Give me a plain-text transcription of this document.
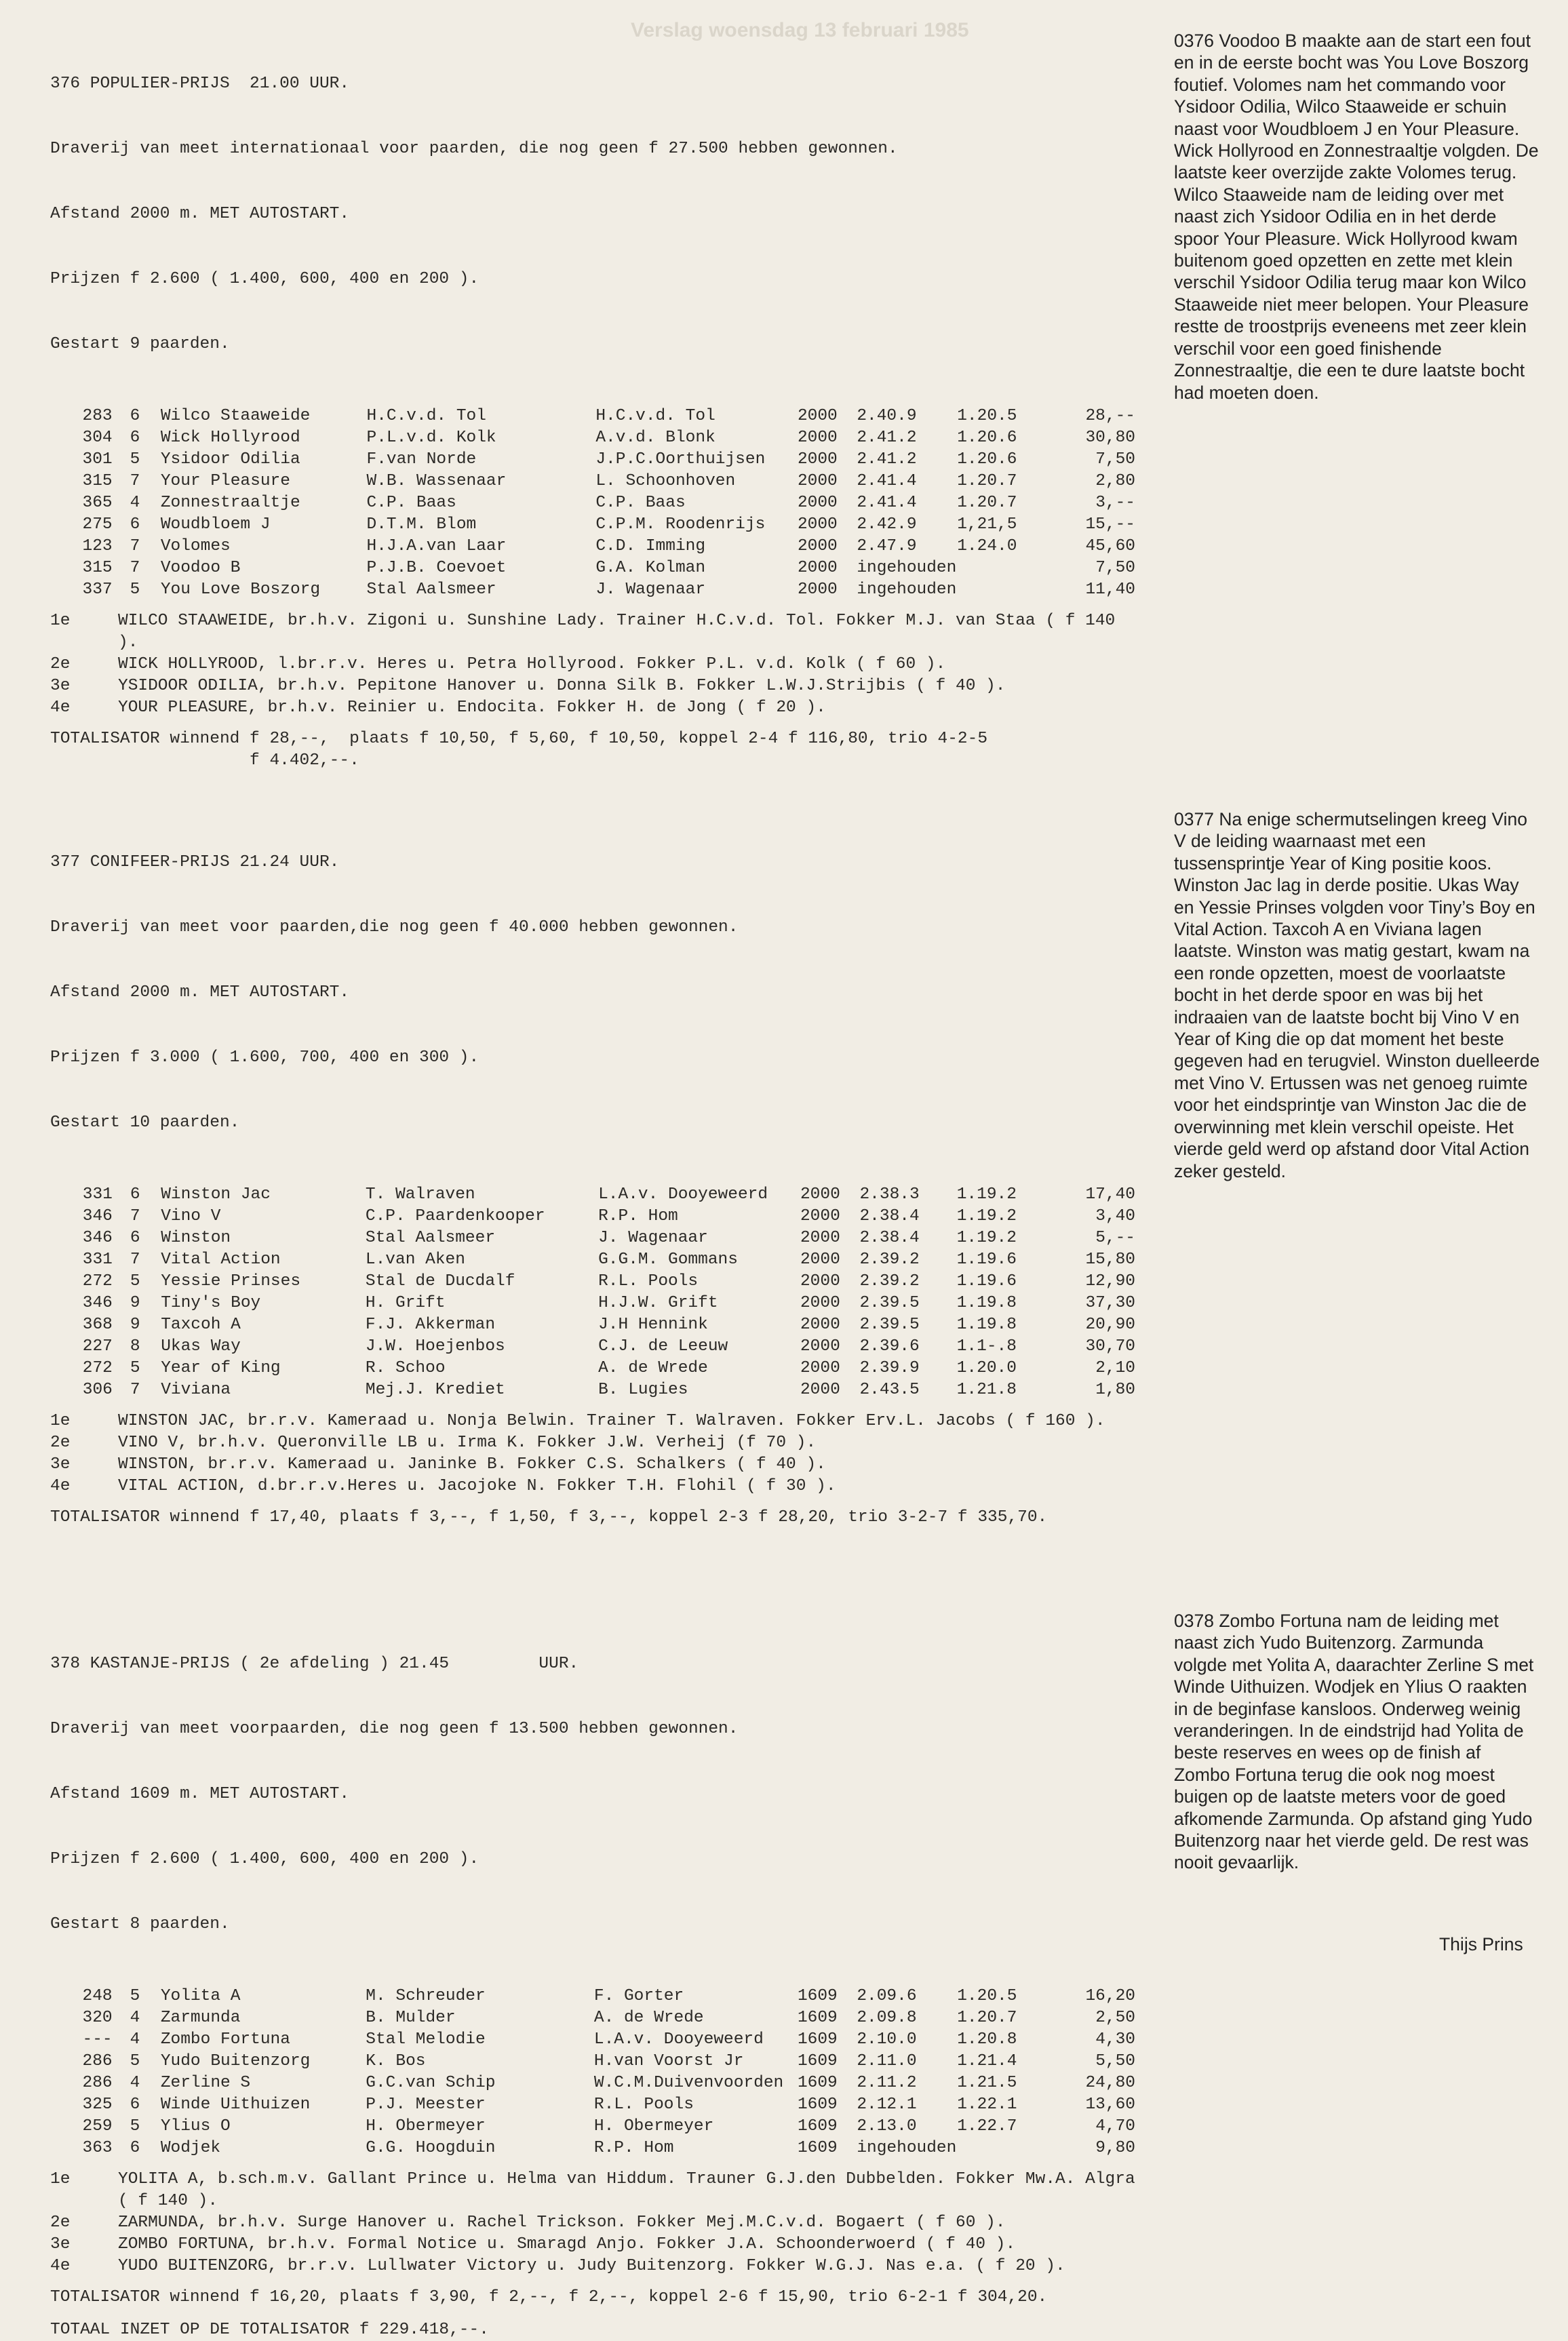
Verslag woensdag 13 februari 1985

376 POPULIER-PRIJS  21.00 UUR.

Draverij van meet internationaal voor paarden, die nog geen f 27.500 hebben gewonnen.

Afstand 2000 m. MET AUTOSTART.

Prijzen f 2.600 ( 1.400, 600, 400 en 200 ).

Gestart 9 paarden.

283	6	Wilco Staaweide	H.C.v.d. Tol	H.C.v.d. Tol	2000	2.40.9	1.20.5	28,--
304	6	Wick Hollyrood	P.L.v.d. Kolk	A.v.d. Blonk	2000	2.41.2	1.20.6	30,80
301	5	Ysidoor Odilia	F.van Norde	J.P.C.Oorthuijsen	2000	2.41.2	1.20.6	7,50
315	7	Your Pleasure	W.B. Wassenaar	L. Schoonhoven	2000	2.41.4	1.20.7	2,80
365	4	Zonnestraaltje	C.P. Baas	C.P. Baas	2000	2.41.4	1.20.7	3,--
275	6	Woudbloem J	D.T.M. Blom	C.P.M. Roodenrijs	2000	2.42.9	1,21,5	15,--
123	7	Volomes	H.J.A.van Laar	C.D. Imming	2000	2.47.9	1.24.0	45,60
315	7	Voodoo B	P.J.B. Coevoet	G.A. Kolman	2000	ingehouden		7,50
337	5	You Love Boszorg	Stal Aalsmeer	J. Wagenaar	2000	ingehouden		11,40
1e	WILCO STAAWEIDE, br.h.v. Zigoni u. Sunshine Lady. Trainer H.C.v.d. Tol. Fokker M.J. van Staa ( f 140 ).
2e	WICK HOLLYROOD, l.br.r.v. Heres u. Petra Hollyrood. Fokker P.L. v.d. Kolk ( f 60 ).
3e	YSIDOOR ODILIA, br.h.v. Pepitone Hanover u. Donna Silk B. Fokker L.W.J.Strijbis ( f 40 ).
4e	YOUR PLEASURE, br.h.v. Reinier u. Endocita. Fokker H. de Jong ( f 20 ).
TOTALISATOR winnend f 28,--,  plaats f 10,50, f 5,60, f 10,50, koppel 2-4 f 116,80, trio 4-2-5
f 4.402,--.
0376 Voodoo B maakte aan de start een fout en in de eerste bocht was You Love Boszorg foutief. Volomes nam het commando voor Ysidoor Odilia, Wilco Staaweide er schuin naast voor Woudbloem J en Your Pleasure. Wick Hollyrood en Zonnestraaltje volgden. De laatste keer overzijde zakte Volomes terug. Wilco Staaweide nam de leiding over met naast zich Ysidoor Odilia en in het derde spoor Your Pleasure. Wick Hollyrood kwam buitenom goed opzetten en zette met klein verschil Ysidoor Odilia terug maar kon Wilco Staaweide niet meer belopen. Your Pleasure restte de troostprijs eveneens met zeer klein verschil voor een goed finishende Zonnestraaltje, die een te dure laatste bocht had moeten doen.

377 CONIFEER-PRIJS 21.24 UUR.

Draverij van meet voor paarden,die nog geen f 40.000 hebben gewonnen.

Afstand 2000 m. MET AUTOSTART.

Prijzen f 3.000 ( 1.600, 700, 400 en 300 ).

Gestart 10 paarden.

331	6	Winston Jac	T. Walraven	L.A.v. Dooyeweerd	2000	2.38.3	1.19.2	17,40
346	7	Vino V	C.P. Paardenkooper	R.P. Hom	2000	2.38.4	1.19.2	3,40
346	6	Winston	Stal Aalsmeer	J. Wagenaar	2000	2.38.4	1.19.2	5,--
331	7	Vital Action	L.van Aken	G.G.M. Gommans	2000	2.39.2	1.19.6	15,80
272	5	Yessie Prinses	Stal de Ducdalf	R.L. Pools	2000	2.39.2	1.19.6	12,90
346	9	Tiny's Boy	H. Grift	H.J.W. Grift	2000	2.39.5	1.19.8	37,30
368	9	Taxcoh A	F.J. Akkerman	J.H Hennink	2000	2.39.5	1.19.8	20,90
227	8	Ukas Way	J.W. Hoejenbos	C.J. de Leeuw	2000	2.39.6	1.1-.8	30,70
272	5	Year of King	R. Schoo	A. de Wrede	2000	2.39.9	1.20.0	2,10
306	7	Viviana	Mej.J. Krediet	B. Lugies	2000	2.43.5	1.21.8	1,80
1e	WINSTON JAC, br.r.v. Kameraad u. Nonja Belwin. Trainer T. Walraven. Fokker Erv.L. Jacobs ( f 160 ).
2e	VINO V, br.h.v. Queronville LB u. Irma K. Fokker J.W. Verheij (f 70 ).
3e	WINSTON, br.r.v. Kameraad u. Janinke B. Fokker C.S. Schalkers ( f 40 ).
4e	VITAL ACTION, d.br.r.v.Heres u. Jacojoke N. Fokker T.H. Flohil ( f 30 ).
TOTALISATOR winnend f 17,40, plaats f 3,--, f 1,50, f 3,--, koppel 2-3 f 28,20, trio 3-2-7 f 335,70.
0377 Na enige schermutselingen kreeg Vino V de leiding waarnaast met een tussensprintje Year of King positie koos. Winston Jac lag in derde positie. Ukas Way en Yessie Prinses volgden voor Tiny’s Boy en Vital Action. Taxcoh A en Viviana lagen laatste. Winston was matig gestart, kwam na een ronde opzetten, moest de voorlaatste bocht in het derde spoor en was bij het indraaien van de laatste bocht bij Vino V en Year of King die op dat moment het beste gegeven had en terugviel. Winston duelleerde met Vino V. Ertussen was net genoeg ruimte voor het eindsprintje van Winston Jac die de overwinning met klein verschil opeiste. Het vierde geld werd op afstand door Vital Action zeker gesteld.

378 KASTANJE-PRIJS ( 2e afdeling ) 21.45         UUR.

Draverij van meet voorpaarden, die nog geen f 13.500 hebben gewonnen.

Afstand 1609 m. MET AUTOSTART.

Prijzen f 2.600 ( 1.400, 600, 400 en 200 ).

Gestart 8 paarden.

248	5	Yolita A	M. Schreuder	F. Gorter	1609	2.09.6	1.20.5	16,20
320	4	Zarmunda	B. Mulder	A. de Wrede	1609	2.09.8	1.20.7	2,50
---	4	Zombo Fortuna	Stal Melodie	L.A.v. Dooyeweerd	1609	2.10.0	1.20.8	4,30
286	5	Yudo Buitenzorg	K. Bos	H.van Voorst Jr	1609	2.11.0	1.21.4	5,50
286	4	Zerline S	G.C.van Schip	W.C.M.Duivenvoorden	1609	2.11.2	1.21.5	24,80
325	6	Winde Uithuizen	P.J. Meester	R.L. Pools	1609	2.12.1	1.22.1	13,60
259	5	Ylius O	H. Obermeyer	H. Obermeyer	1609	2.13.0	1.22.7	4,70
363	6	Wodjek	G.G. Hoogduin	R.P. Hom	1609	ingehouden		9,80
1e	YOLITA A, b.sch.m.v. Gallant Prince u. Helma van Hiddum. Trauner G.J.den Dubbelden. Fokker Mw.A. Algra ( f 140 ).
2e	ZARMUNDA, br.h.v. Surge Hanover u. Rachel Trickson. Fokker Mej.M.C.v.d. Bogaert ( f 60 ).
3e	ZOMBO FORTUNA, br.h.v. Formal Notice u. Smaragd Anjo. Fokker J.A. Schoonderwoerd ( f 40 ).
4e	YUDO BUITENZORG, br.r.v. Lullwater Victory u. Judy Buitenzorg. Fokker W.G.J. Nas e.a. ( f 20 ).
TOTALISATOR winnend f 16,20, plaats f 3,90, f 2,--, f 2,--, koppel 2-6 f 15,90, trio 6-2-1 f 304,20.
TOTAAL INZET OP DE TOTALISATOR f 229.418,--.
0378 Zombo Fortuna nam de leiding met naast zich Yudo Buitenzorg. Zarmunda volgde met Yolita A, daarachter Zerline S met Winde Uithuizen. Wodjek en Ylius O raakten in de beginfase kansloos. Onderweg weinig veranderingen. In de eindstrijd had Yolita de beste reserves en wees op de finish af Zombo Fortuna terug die ook nog moest buigen op de laatste meters voor de goed afkomende Zarmunda. Op afstand ging Yudo Buitenzorg naar het vierde geld. De rest was nooit gevaarlijk.
Thijs Prins
